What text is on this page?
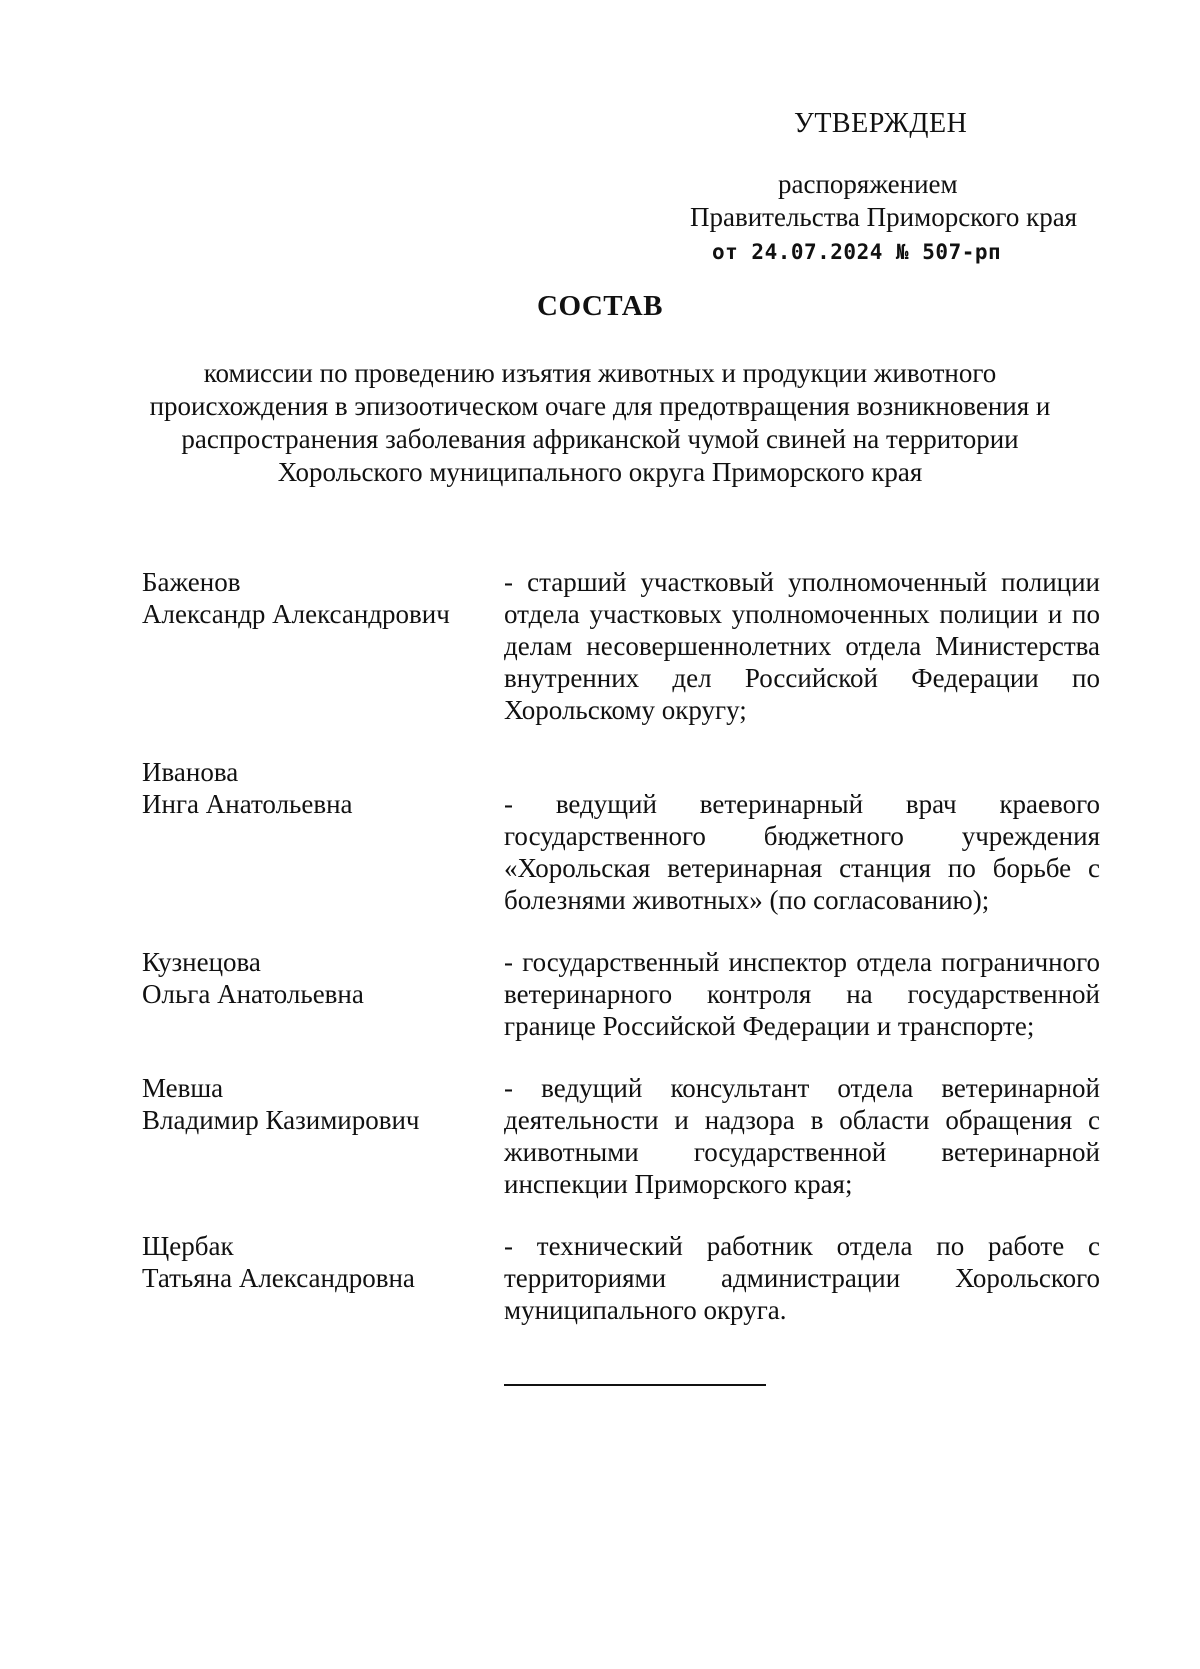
УТВЕРЖДЕН
распоряжением
Правительства Приморского края
от 24.07.2024 № 507-рп
СОСТАВ
комиссии по проведению изъятия животных и продукции животного
происхождения в эпизоотическом очаге для предотвращения возникновения и
распространения заболевания африканской чумой свиней на территории
Хорольского муниципального округа Приморского края
Баженов
Александр Александрович
- старший участковый уполномоченный полиции отдела участковых уполномоченных полиции и по делам несовершеннолетних отдела Министерства внутренних дел Российской Федерации по Хорольскому округу;
Иванова
Инга Анатольевна	- ведущий ветеринарный врач краевого государственного бюджетного учреждения «Хорольская ветеринарная станция по борьбе с болезнями животных» (по согласованию);
Кузнецова
Ольга Анатольевна
- государственный инспектор отдела пограничного ветеринарного контроля на государственной границе Российской Федерации и транспорте;
Мевша
Владимир Казимирович
- ведущий консультант отдела ветеринарной деятельности и надзора в области обращения с животными государственной ветеринарной инспекции Приморского края;
Щербак
Татьяна Александровна
- технический работник отдела по работе с территориями администрации Хорольского муниципального округа.
